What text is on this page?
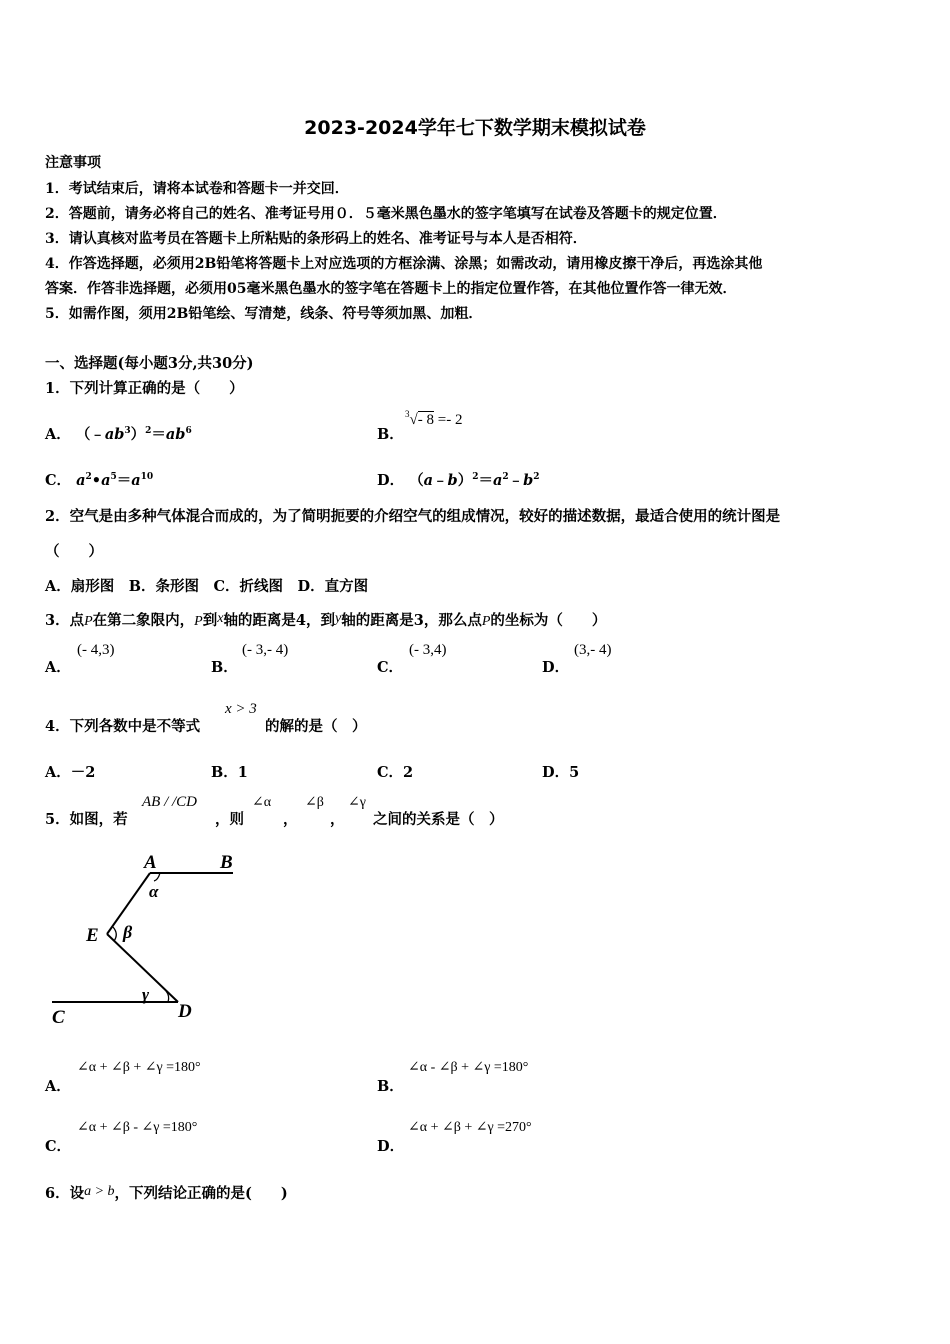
2023-2024学年七下数学期末模拟试卷
注意事项
1．考试结束后，请将本试卷和答题卡一并交回．
2．答题前，请务必将自己的姓名、准考证号用０．５毫米黑色墨水的签字笔填写在试卷及答题卡的规定位置．
3．请认真核对监考员在答题卡上所粘贴的条形码上的姓名、准考证号与本人是否相符．
4．作答选择题，必须用2B铅笔将答题卡上对应选项的方框涂满、涂黑；如需改动，请用橡皮擦干净后，再选涂其他
答案．作答非选择题，必须用05毫米黑色墨水的签字笔在答题卡上的指定位置作答，在其他位置作答一律无效．
5．如需作图，须用2B铅笔绘、写清楚，线条、符号等须加黑、加粗．
一、选择题(每小题3分,共30分)
1．下列计算正确的是（　　）
A． $(﹣ab^3)^2=ab^6$	B．
$^3$√- 8 =- 2
C． $a^2•a^5=a^{10}$	D． $(a﹣b)^2=a^2﹣b^2$
2．空气是由多种气体混合而成的，为了简明扼要的介绍空气的组成情况，较好的描述数据，最适合使用的统计图是
（　　）
A．扇形图　B．条形图　C．折线图　D．直方图
3．点P在第二象限内，P到x轴的距离是4，到y轴的距离是3，那么点P的坐标为（　　）
A．
(- 4,3)
B．
(- 3,- 4)
C．
(- 3,4)
D．
(3,- 4)
4．下列各数中是不等式
x > 3
的解的是（　）
A．－2	B．1	C．2	D．5
5．如图，若
AB / /CD
，则
∠α
，
∠β
，
∠γ
之间的关系是（　）
A	B
E
C	D
α
β
γ
A．
∠α + ∠β + ∠γ =180°
B．
∠α - ∠β + ∠γ =180°
C．
∠α + ∠β - ∠γ =180°
D．
∠α + ∠β + ∠γ =270°
6．设a > b，下列结论正确的是(　　)
